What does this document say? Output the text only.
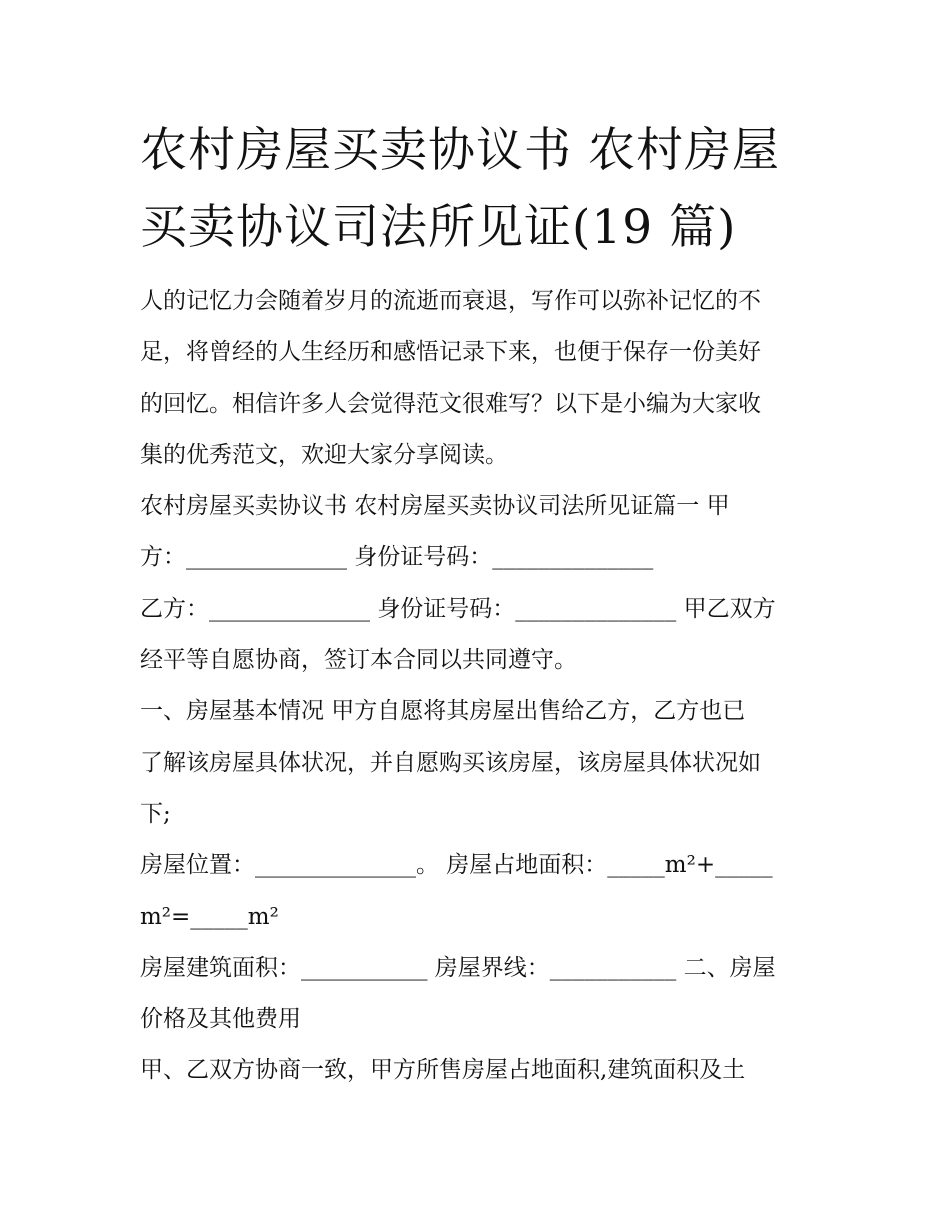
农村房屋买卖协议书 农村房屋
买卖协议司法所见证(19 篇)
人的记忆力会随着岁月的流逝而衰退，写作可以弥补记忆的不
足，将曾经的人生经历和感悟记录下来，也便于保存一份美好
的回忆。相信许多人会觉得范文很难写？以下是小编为大家收
集的优秀范文，欢迎大家分享阅读。
农村房屋买卖协议书 农村房屋买卖协议司法所见证篇一 甲
方：______________ 身份证号码：______________
乙方：______________ 身份证号码：______________ 甲乙双方
经平等自愿协商，签订本合同以共同遵守。
一、房屋基本情况 甲方自愿将其房屋出售给乙方，乙方也已
了解该房屋具体状况，并自愿购买该房屋，该房屋具体状况如
下;
房屋位置：______________。 房屋占地面积：_____m²+_____
m²=_____m²
房屋建筑面积：___________ 房屋界线：___________ 二、房屋
价格及其他费用
甲、乙双方协商一致，甲方所售房屋占地面积,建筑面积及土
